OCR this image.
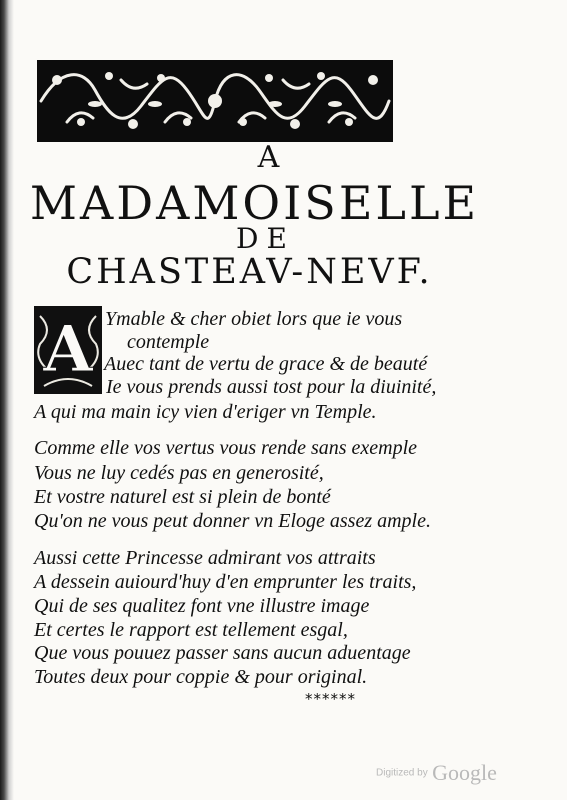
A
MADAMOISELLE
DE
CHASTEAV-NEVF.
A Ymable & cher obiet lors que ie vous
contemple
Auec tant de vertu de grace & de beauté
Ie vous prends aussi tost pour la diuinité,
A qui ma main icy vien d'eriger vn Temple.
Comme elle vos vertus vous rende sans exemple
Vous ne luy cedés pas en generosité,
Et vostre naturel est si plein de bonté
Qu'on ne vous peut donner vn Eloge assez ample.
Aussi cette Princesse admirant vos attraits
A dessein auiourd'huy d'en emprunter les traits,
Qui de ses qualitez font vne illustre image
Et certes le rapport est tellement esgal,
Que vous pouuez passer sans aucun aduentage
Toutes deux pour coppie & pour original.
******
Digitized by Google
